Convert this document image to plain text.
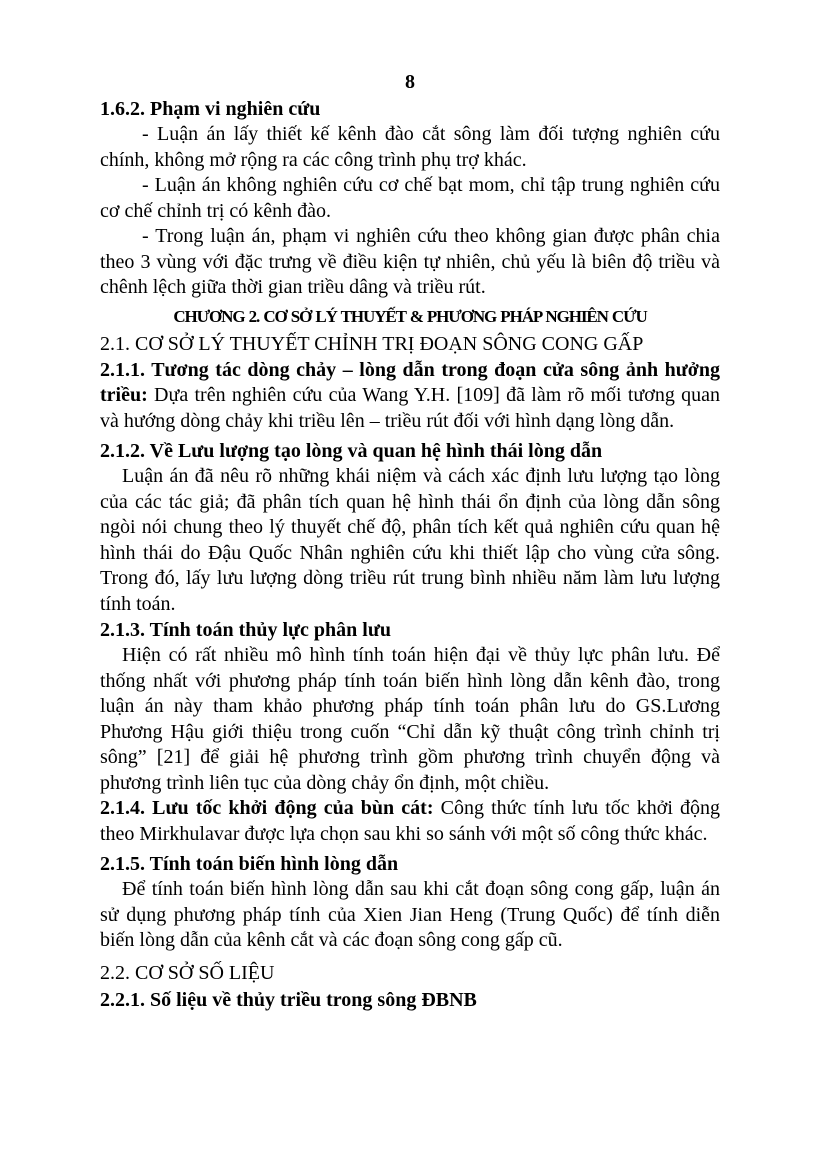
8

1.6.2. Phạm vi nghiên cứu

- Luận án lấy thiết kế kênh đào cắt sông làm đối tượng nghiên cứu chính, không mở rộng ra các công trình phụ trợ khác.

- Luận án không nghiên cứu cơ chế bạt mom, chỉ tập trung nghiên cứu cơ chế chỉnh trị có kênh đào.

- Trong luận án, phạm vi nghiên cứu theo không gian được phân chia theo 3 vùng với đặc trưng về điều kiện tự nhiên, chủ yếu là biên độ triều và chênh lệch giữa thời gian triều dâng và triều rút.

CHƯƠNG 2. CƠ SỞ LÝ THUYẾT & PHƯƠNG PHÁP NGHIÊN CỨU

2.1. CƠ SỞ LÝ THUYẾT CHỈNH TRỊ ĐOẠN SÔNG CONG GẤP

2.1.1. Tương tác dòng chảy – lòng dẫn trong đoạn cửa sông ảnh hưởng triều: Dựa trên nghiên cứu của Wang Y.H. [109] đã làm rõ mối tương quan và hướng dòng chảy khi triều lên – triều rút đối với hình dạng lòng dẫn.

2.1.2. Về Lưu lượng tạo lòng và quan hệ hình thái lòng dẫn

Luận án đã nêu rõ những khái niệm và cách xác định lưu lượng tạo lòng của các tác giả; đã phân tích quan hệ hình thái ổn định của lòng dẫn sông ngòi nói chung theo lý thuyết chế độ, phân tích kết quả nghiên cứu quan hệ hình thái do Đậu Quốc Nhân nghiên cứu khi thiết lập cho vùng cửa sông. Trong đó, lấy lưu lượng dòng triều rút trung bình nhiều năm làm lưu lượng tính toán.

2.1.3. Tính toán thủy lực phân lưu

Hiện có rất nhiều mô hình tính toán hiện đại về thủy lực phân lưu. Để thống nhất với phương pháp tính toán biến hình lòng dẫn kênh đào, trong luận án này tham khảo phương pháp tính toán phân lưu do GS.Lương Phương Hậu giới thiệu trong cuốn “Chỉ dẫn kỹ thuật công trình chỉnh trị sông” [21] để giải hệ phương trình gồm phương trình chuyển động và phương trình liên tục của dòng chảy ổn định, một chiều.

2.1.4. Lưu tốc khởi động của bùn cát: Công thức tính lưu tốc khởi động theo Mirkhulavar được lựa chọn sau khi so sánh với một số công thức khác.

2.1.5. Tính toán biến hình lòng dẫn

Để tính toán biến hình lòng dẫn sau khi cắt đoạn sông cong gấp, luận án sử dụng phương pháp tính của Xien Jian Heng (Trung Quốc) để tính diễn biến lòng dẫn của kênh cắt và các đoạn sông cong gấp cũ.

2.2. CƠ SỞ SỐ LIỆU

2.2.1. Số liệu về thủy triều trong sông ĐBNB
